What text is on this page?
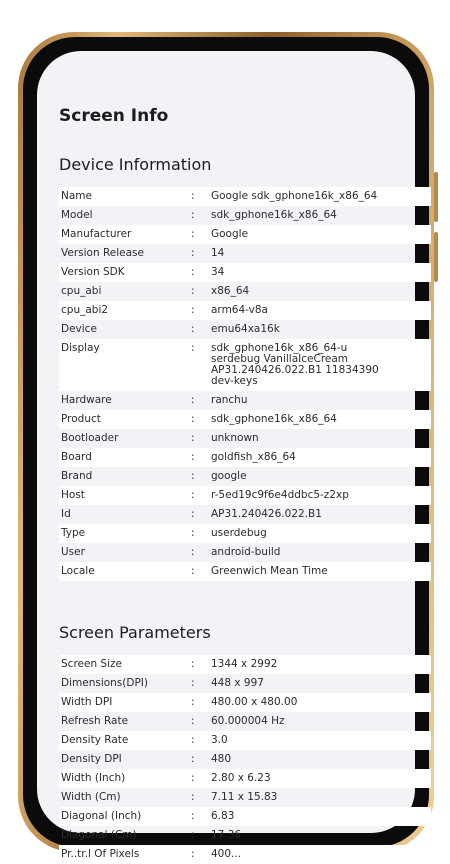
Screen Info
Device Information
Name	:	Google sdk_gphone16k_x86_64
Model	:	sdk_gphone16k_x86_64
Manufacturer	:	Google
Version Release	:	14
Version SDK	:	34
cpu_abi	:	x86_64
cpu_abi2	:	arm64-v8a
Device	:	emu64xa16k
Display	:	sdk_gphone16k_x86_64-u
serdebug VanillaIceCream
AP31.240426.022.B1 11834390
dev-keys
Hardware	:	ranchu
Product	:	sdk_gphone16k_x86_64
Bootloader	:	unknown
Board	:	goldfish_x86_64
Brand	:	google
Host	:	r-5ed19c9f6e4ddbc5-z2xp
Id	:	AP31.240426.022.B1
Type	:	userdebug
User	:	android-build
Locale	:	Greenwich Mean Time
Screen Parameters
Screen Size	:	1344 x 2992
Dimensions(DPI)	:	448 x 997
Width DPI	:	480.00 x 480.00
Refresh Rate	:	60.000004 Hz
Density Rate	:	3.0
Density DPI	:	480
Width (Inch)	:	2.80 x 6.23
Width (Cm)	:	7.11 x 15.83
Diagonal (Inch)	:	6.83
Diagonal (Cm)	:	17.36
Pr..tr.l Of Pixels	:	400...
